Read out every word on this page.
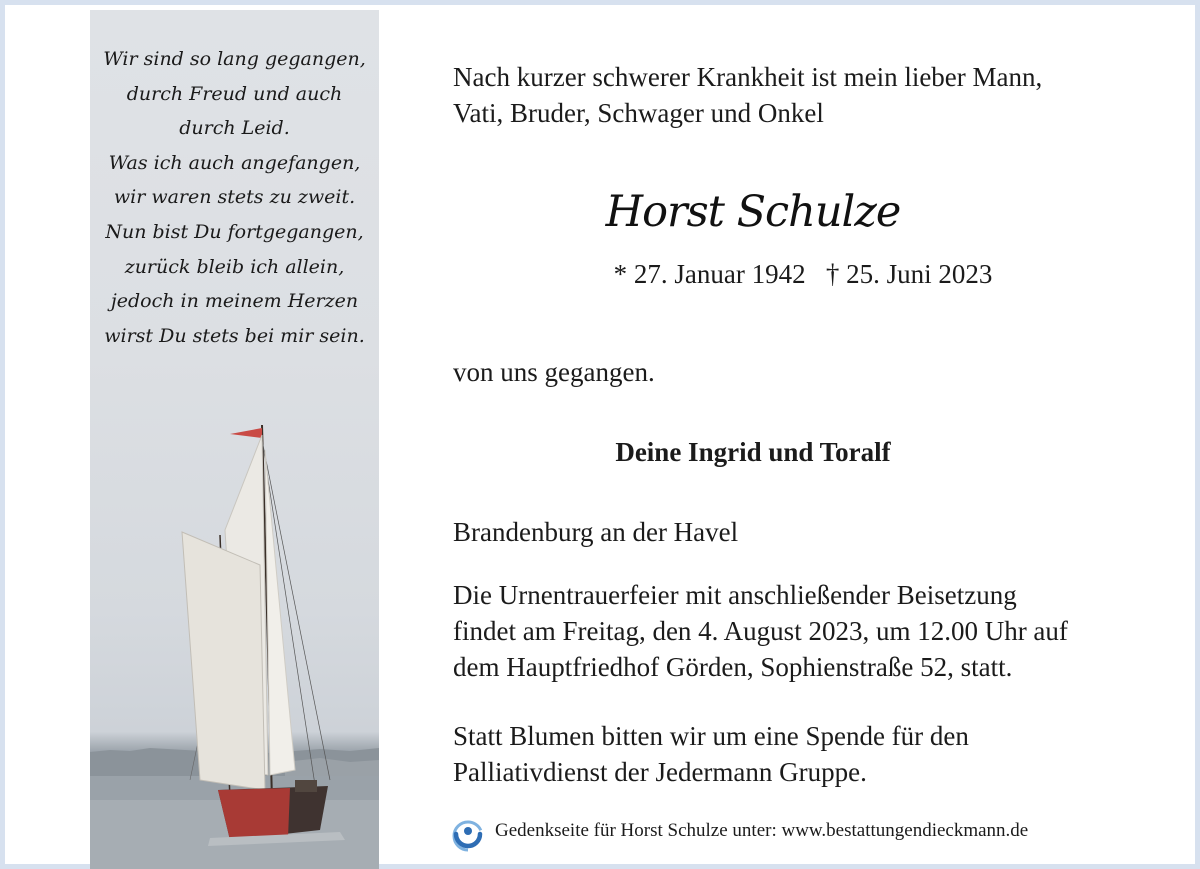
Wir sind so lang gegangen,
durch Freud und auch
durch Leid.
Was ich auch angefangen,
wir waren stets zu zweit.
Nun bist Du fortgegangen,
zurück bleib ich allein,
jedoch in meinem Herzen
wirst Du stets bei mir sein.
Nach kurzer schwerer Krankheit ist mein lieber Mann,
Vati, Bruder, Schwager und Onkel
Horst Schulze
* 27. Januar 1942 † 25. Juni 2023
von uns gegangen.
Deine Ingrid und Toralf
Brandenburg an der Havel
Die Urnentrauerfeier mit anschließender Beisetzung
findet am Freitag, den 4. August 2023, um 12.00 Uhr auf
dem Hauptfriedhof Görden, Sophienstraße 52, statt.
Statt Blumen bitten wir um eine Spende für den
Palliativdienst der Jedermann Gruppe.
Gedenkseite für Horst Schulze unter: www.bestattungendieckmann.de
